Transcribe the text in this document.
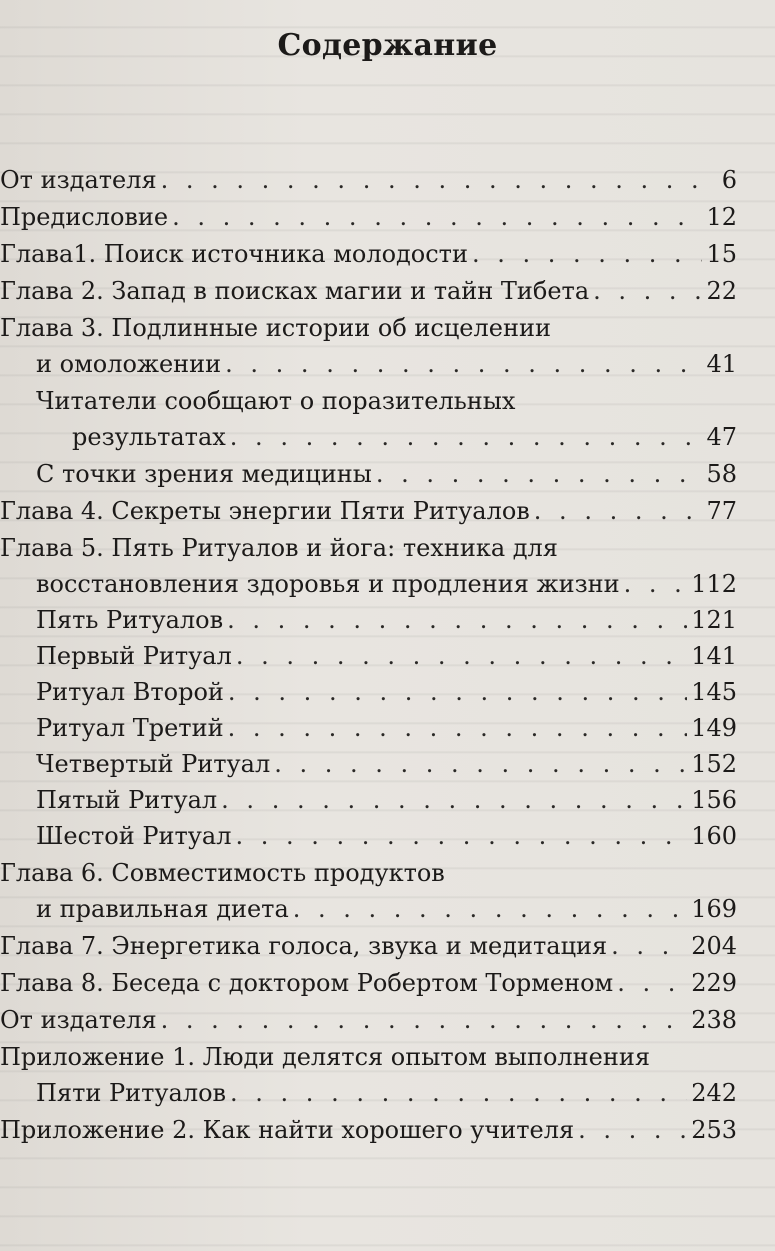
Содержание
От издателя . . .	6
Предисловие . . .	12
Глава1. Поиск источника молодости . . .	15
Глава 2. Запад в поисках магии и тайн Тибета . . .	22
Глава 3. Подлинные истории об исцелении
и омоложении . . .	41
Читатели сообщают о поразительных
результатах . . .	47
С точки зрения медицины . . .	58
Глава 4. Секреты энергии Пяти Ритуалов . . .	77
Глава 5. Пять Ритуалов и йога: техника для
восстановления здоровья и продления жизни . . .	112
Пять Ритуалов . . .	121
Первый Ритуал . . .	141
Ритуал Второй . . .	145
Ритуал Третий . . .	149
Четвертый Ритуал . . .	152
Пятый Ритуал . . .	156
Шестой Ритуал . . .	160
Глава 6. Совместимость продуктов
и правильная диета . . .	169
Глава 7. Энергетика голоса, звука и медитация . . .	204
Глава 8. Беседа с доктором Робертом Торменом . . .	229
От издателя . . .	238
Приложение 1. Люди делятся опытом выполнения
Пяти Ритуалов . . .	242
Приложение 2. Как найти хорошего учителя . . .	253
